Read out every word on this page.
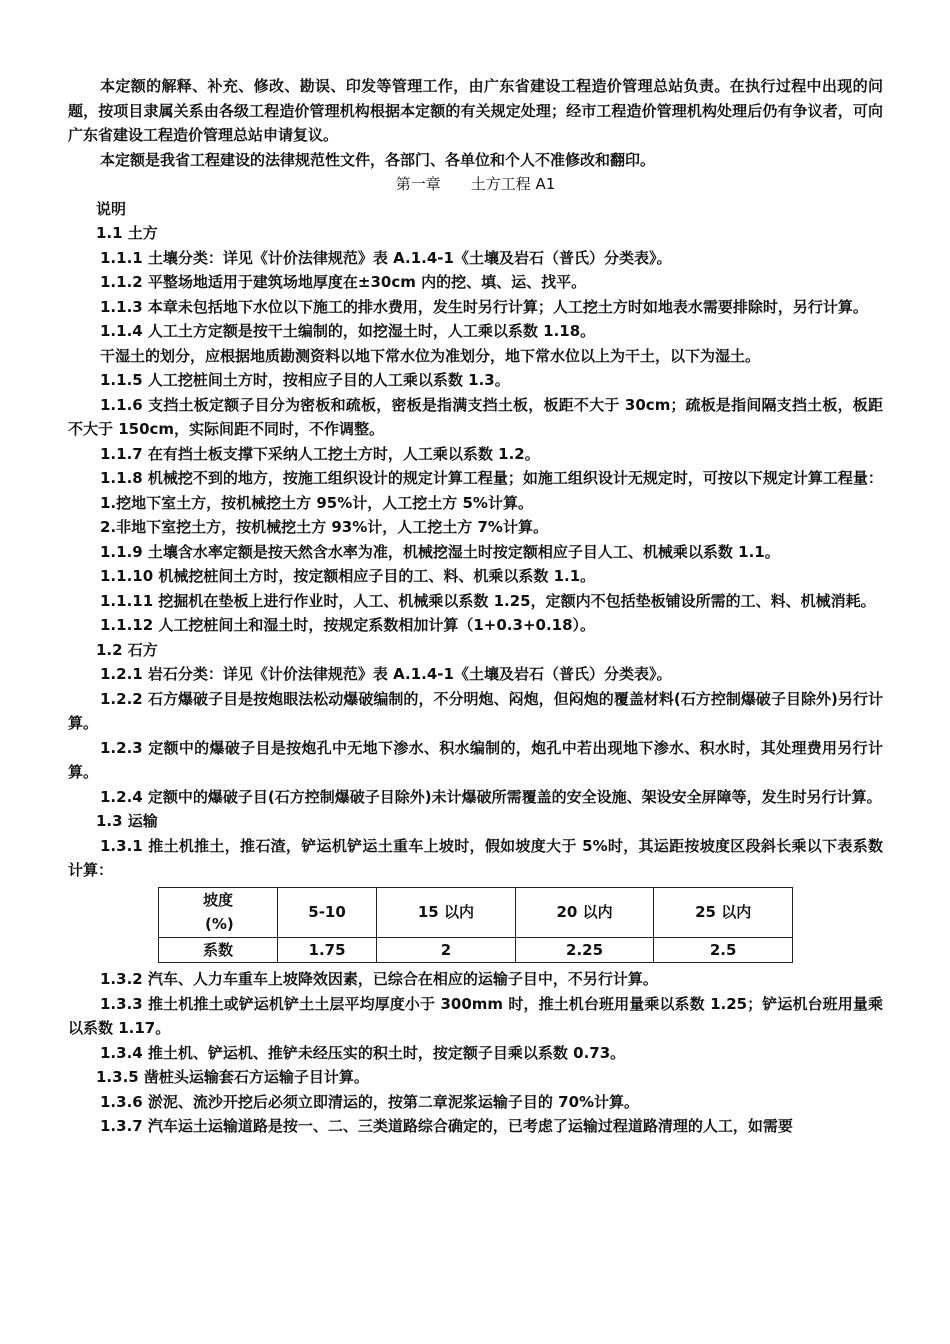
本定额的解释、补充、修改、勘误、印发等管理工作，由广东省建设工程造价管理总站负责。在执行过程中出现的问题，按项目隶属关系由各级工程造价管理机构根据本定额的有关规定处理；经市工程造价管理机构处理后仍有争议者，可向广东省建设工程造价管理总站申请复议。

本定额是我省工程建设的法律规范性文件，各部门、各单位和个人不准修改和翻印。

第一章　　土方工程 A1

说明

1.1 土方

1.1.1 土壤分类：详见《计价法律规范》表 A.1.4-1《土壤及岩石（普氏）分类表》。

1.1.2 平整场地适用于建筑场地厚度在±30cm 内的挖、填、运、找平。

1.1.3 本章未包括地下水位以下施工的排水费用，发生时另行计算；人工挖土方时如地表水需要排除时，另行计算。

1.1.4 人工土方定额是按干土编制的，如挖湿土时，人工乘以系数 1.18。

干湿土的划分，应根据地质勘测资料以地下常水位为准划分，地下常水位以上为干土，以下为湿土。

1.1.5 人工挖桩间土方时，按相应子目的人工乘以系数 1.3。

1.1.6 支挡土板定额子目分为密板和疏板，密板是指满支挡土板，板距不大于 30cm；疏板是指间隔支挡土板，板距不大于 150cm，实际间距不同时，不作调整。

1.1.7 在有挡土板支撑下采纳人工挖土方时，人工乘以系数 1.2。

1.1.8 机械挖不到的地方，按施工组织设计的规定计算工程量；如施工组织设计无规定时，可按以下规定计算工程量：

1.挖地下室土方，按机械挖土方 95%计，人工挖土方 5%计算。

2.非地下室挖土方，按机械挖土方 93%计，人工挖土方 7%计算。

1.1.9 土壤含水率定额是按天然含水率为准，机械挖湿土时按定额相应子目人工、机械乘以系数 1.1。

1.1.10 机械挖桩间土方时，按定额相应子目的工、料、机乘以系数 1.1。

1.1.11 挖掘机在垫板上进行作业时，人工、机械乘以系数 1.25，定额内不包括垫板铺设所需的工、料、机械消耗。

1.1.12 人工挖桩间土和湿土时，按规定系数相加计算（1+0.3+0.18）。

1.2 石方

1.2.1 岩石分类：详见《计价法律规范》表 A.1.4-1《土壤及岩石（普氏）分类表》。

1.2.2 石方爆破子目是按炮眼法松动爆破编制的，不分明炮、闷炮，但闷炮的覆盖材料(石方控制爆破子目除外)另行计算。

1.2.3 定额中的爆破子目是按炮孔中无地下渗水、积水编制的，炮孔中若出现地下渗水、积水时，其处理费用另行计算。

1.2.4 定额中的爆破子目(石方控制爆破子目除外)未计爆破所需覆盖的安全设施、架设安全屏障等，发生时另行计算。

1.3 运输

1.3.1 推土机推土，推石渣，铲运机铲运土重车上坡时，假如坡度大于 5%时，其运距按坡度区段斜长乘以下表系数计算：

坡度
(%)	5-10	15 以内	20 以内	25 以内
系数	1.75	2	2.25	2.5

1.3.2 汽车、人力车重车上坡降效因素，已综合在相应的运输子目中，不另行计算。

1.3.3 推土机推土或铲运机铲土土层平均厚度小于 300mm 时，推土机台班用量乘以系数 1.25；铲运机台班用量乘以系数 1.17。

1.3.4 推土机、铲运机、推铲未经压实的积土时，按定额子目乘以系数 0.73。

1.3.5 凿桩头运输套石方运输子目计算。

1.3.6 淤泥、流沙开挖后必须立即清运的，按第二章泥浆运输子目的 70%计算。

1.3.7 汽车运土运输道路是按一、二、三类道路综合确定的，已考虑了运输过程道路清理的人工，如需要
